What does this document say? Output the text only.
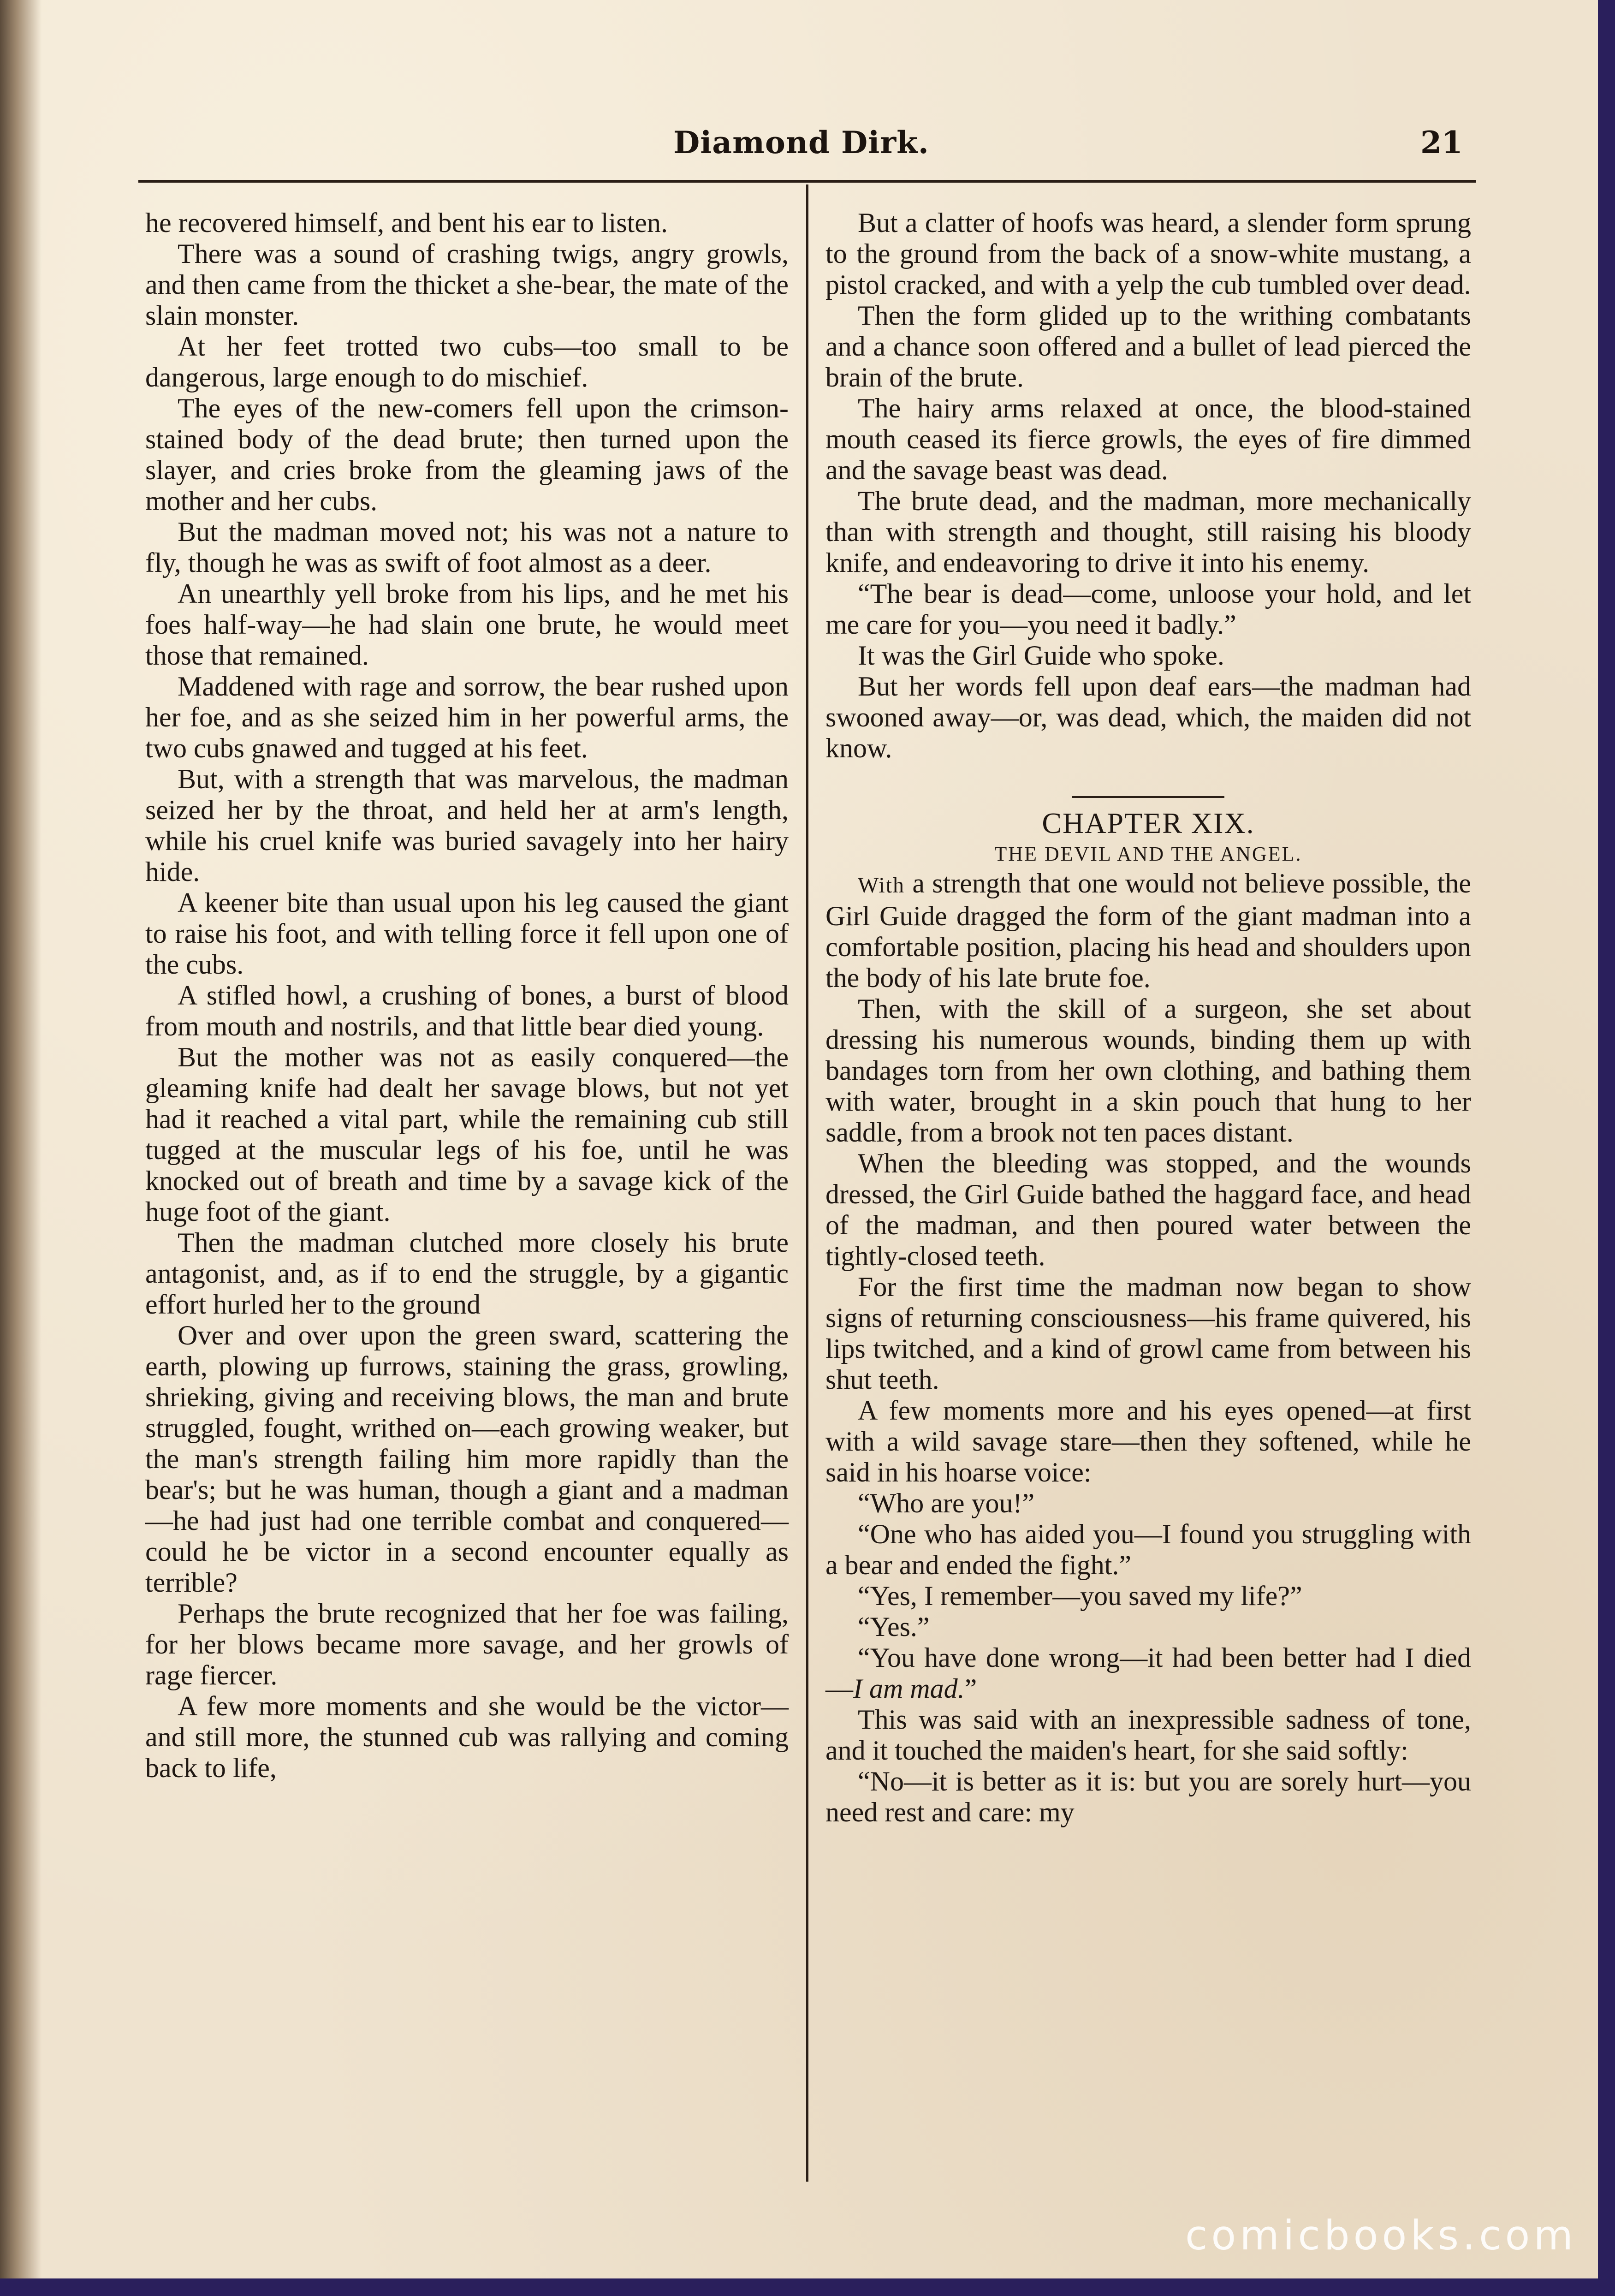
Diamond Dirk.	21

he recovered himself, and bent his ear to listen.

There was a sound of crashing twigs, angry growls, and then came from the thicket a she-bear, the mate of the slain monster.

At her feet trotted two cubs—too small to be dangerous, large enough to do mischief.

The eyes of the new-comers fell upon the crimson-stained body of the dead brute; then turned upon the slayer, and cries broke from the gleaming jaws of the mother and her cubs.

But the madman moved not; his was not a nature to fly, though he was as swift of foot almost as a deer.

An unearthly yell broke from his lips, and he met his foes half-way—he had slain one brute, he would meet those that remained.

Maddened with rage and sorrow, the bear rushed upon her foe, and as she seized him in her powerful arms, the two cubs gnawed and tugged at his feet.

But, with a strength that was marvelous, the madman seized her by the throat, and held her at arm's length, while his cruel knife was buried savagely into her hairy hide.

A keener bite than usual upon his leg caused the giant to raise his foot, and with telling force it fell upon one of the cubs.

A stifled howl, a crushing of bones, a burst of blood from mouth and nostrils, and that little bear died young.

But the mother was not as easily conquered—the gleaming knife had dealt her savage blows, but not yet had it reached a vital part, while the remaining cub still tugged at the muscular legs of his foe, until he was knocked out of breath and time by a savage kick of the huge foot of the giant.

Then the madman clutched more closely his brute antagonist, and, as if to end the struggle, by a gigantic effort hurled her to the ground

Over and over upon the green sward, scattering the earth, plowing up furrows, staining the grass, growling, shrieking, giving and receiving blows, the man and brute struggled, fought, writhed on—each growing weaker, but the man's strength failing him more rapidly than the bear's; but he was human, though a giant and a madman—he had just had one terrible combat and conquered—could he be victor in a second encounter equally as terrible?

Perhaps the brute recognized that her foe was failing, for her blows became more savage, and her growls of rage fiercer.

A few more moments and she would be the victor—and still more, the stunned cub was rallying and coming back to life,

But a clatter of hoofs was heard, a slender form sprung to the ground from the back of a snow-white mustang, a pistol cracked, and with a yelp the cub tumbled over dead.

Then the form glided up to the writhing combatants and a chance soon offered and a bullet of lead pierced the brain of the brute.

The hairy arms relaxed at once, the blood-stained mouth ceased its fierce growls, the eyes of fire dimmed and the savage beast was dead.

The brute dead, and the madman, more mechanically than with strength and thought, still raising his bloody knife, and endeavoring to drive it into his enemy.

“The bear is dead—come, unloose your hold, and let me care for you—you need it badly.”

It was the Girl Guide who spoke.

But her words fell upon deaf ears—the madman had swooned away—or, was dead, which, the maiden did not know.

CHAPTER XIX.

THE DEVIL AND THE ANGEL.

With a strength that one would not believe possible, the Girl Guide dragged the form of the giant madman into a comfortable position, placing his head and shoulders upon the body of his late brute foe.

Then, with the skill of a surgeon, she set about dressing his numerous wounds, binding them up with bandages torn from her own clothing, and bathing them with water, brought in a skin pouch that hung to her saddle, from a brook not ten paces distant.

When the bleeding was stopped, and the wounds dressed, the Girl Guide bathed the haggard face, and head of the madman, and then poured water between the tightly-closed teeth.

For the first time the madman now began to show signs of returning consciousness—his frame quivered, his lips twitched, and a kind of growl came from between his shut teeth.

A few moments more and his eyes opened—at first with a wild savage stare—then they softened, while he said in his hoarse voice:

“Who are you!”

“One who has aided you—I found you struggling with a bear and ended the fight.”

“Yes, I remember—you saved my life?”

“Yes.”

“You have done wrong—it had been better had I died—I am mad.”

This was said with an inexpressible sadness of tone, and it touched the maiden's heart, for she said softly:

“No—it is better as it is: but you are sorely hurt—you need rest and care: my

comicbooks.com
